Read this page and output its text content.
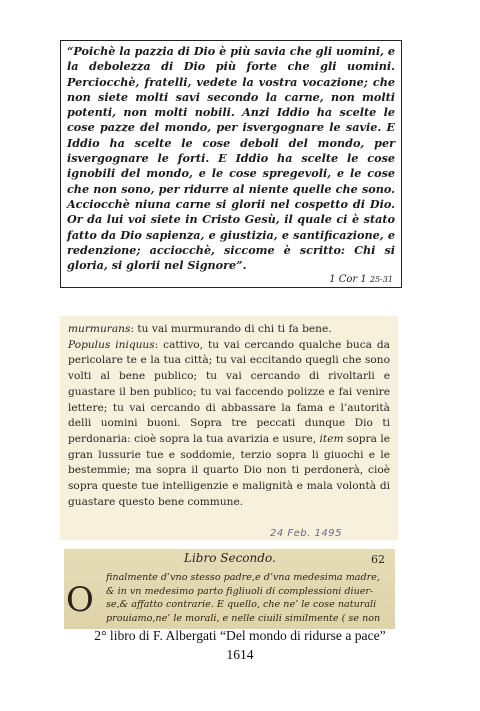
“Poichè la pazzia di Dio è più savia che gli uomini, e la debolezza di Dio più forte che gli uomini. Perciocchè, fratelli, vedete la vostra vocazione; che non siete molti savi secondo la carne, non molti potenti, non molti nobili. Anzi Iddio ha scelte le cose pazze del mondo, per isvergognare le savie. E Iddio ha scelte le cose deboli del mondo, per isvergognare le forti. E Iddio ha scelte le cose ignobili del mondo, e le cose spregevoli, e le cose che non sono, per ridurre al niente quelle che sono. Acciocchè niuna carne si glorii nel cospetto di Dio. Or da lui voi siete in Cristo Gesù, il quale ci è stato fatto da Dio sapienza, e giustizia, e santificazione, e redenzione; acciocchè, siccome è scritto: Chi si gloria, si glorii nel Signore”.

1 Cor 1 25-31

murmurans: tu vai murmurando di chi ti fa bene.
Populus iniquus: cattivo, tu vai cercando qualche buca da pericolare te e la tua città; tu vai eccitando quegli che sono volti al bene publico; tu vai cercando di rivoltarli e guastare il ben publico; tu vai faccendo polizze e fai venire lettere; tu vai cercando di abbassare la fama e l’autorità delli uomini buoni. Sopra tre peccati dunque Dio ti perdonaria: cioè sopra la tua avarizia e usure, item sopra le gran lussurie tue e soddomie, terzio sopra li giuochi e le bestemmie; ma sopra il quarto Dio non ti perdonerà, cioè sopra queste tue intelligenzie e malignità e mala volontà di guastare questo bene commune.

24 Feb. 1495
Libro Secondo.	62
O

finalmente d’vno stesso padre,e d’vna medesima madre,
& in vn medesimo parto figliuoli di complessioni diuer-
se,& affatto contrarie. E quello, che ne’ le cose naturali
prouiamo,ne’ le morali, e nelle ciuili similmente ( se non

2° libro di F. Albergati “Del mondo di ridurse a pace”
1614
